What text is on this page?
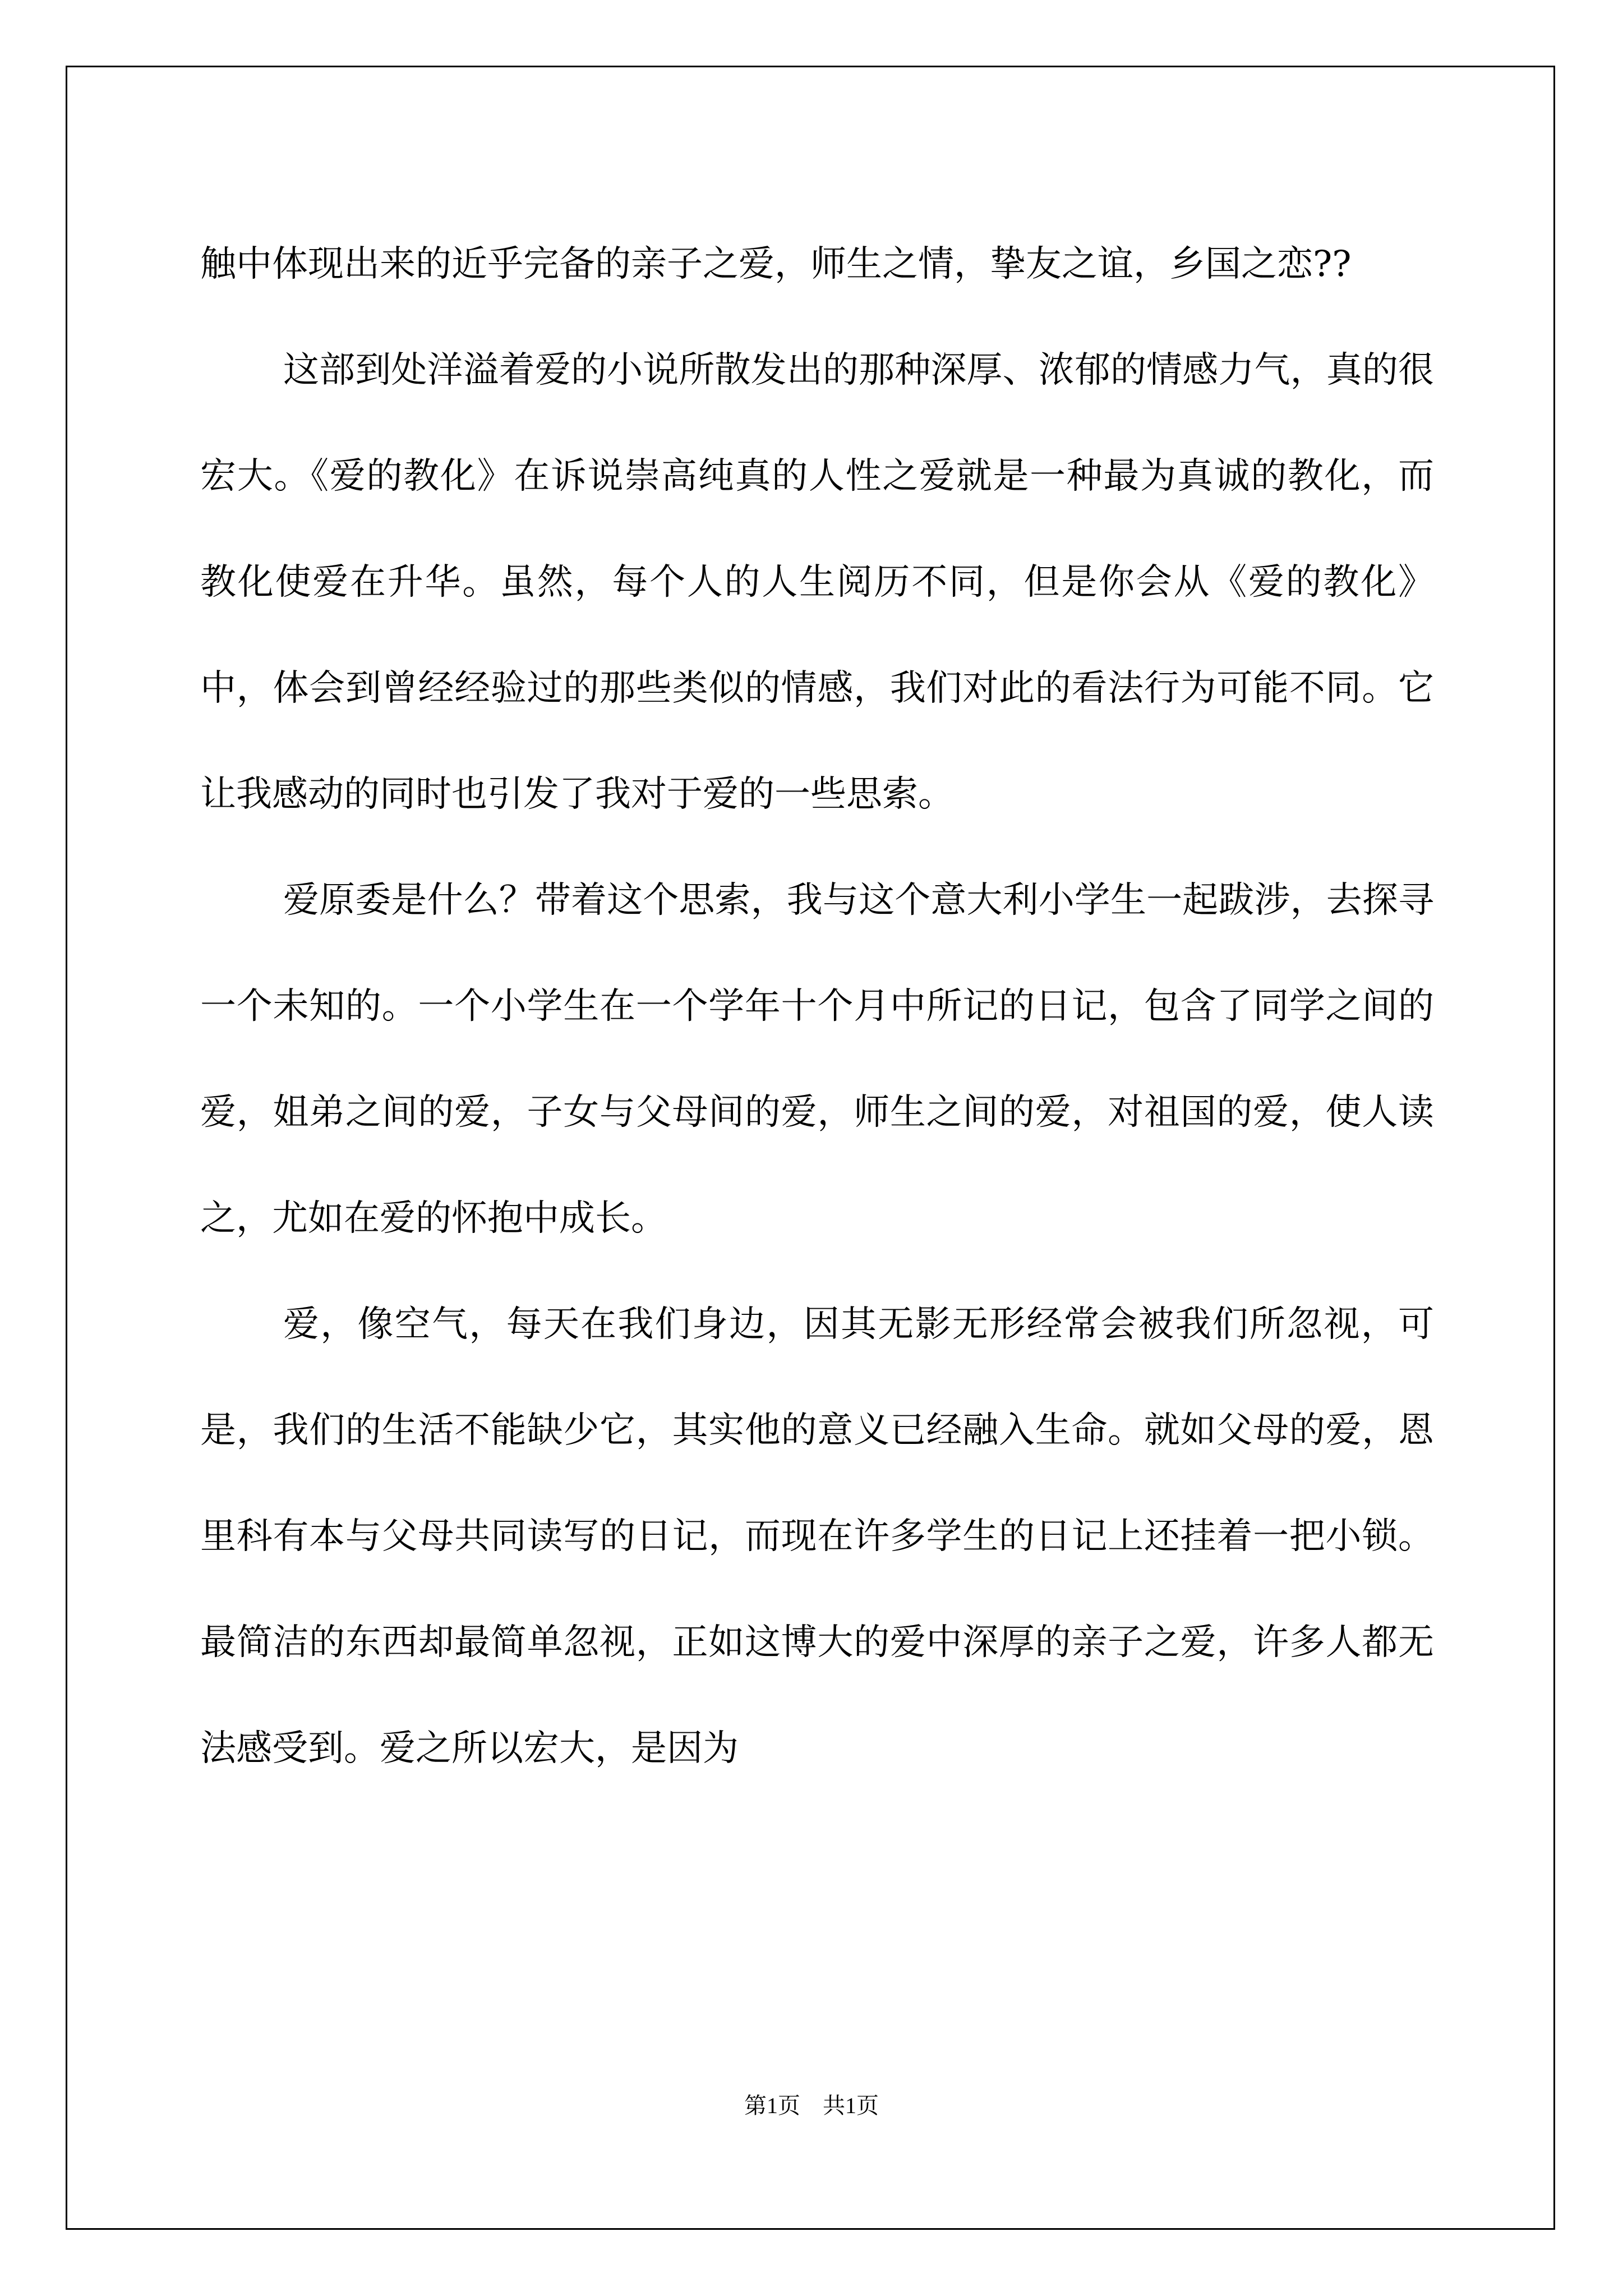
触中体现出来的近乎完备的亲子之爱，师生之情，挚友之谊，乡国之恋??

这部到处洋溢着爱的小说所散发出的那种深厚、浓郁的情感力气，真的很宏大。《爱的教化》在诉说崇高纯真的人性之爱就是一种最为真诚的教化，而教化使爱在升华。虽然，每个人的人生阅历不同，但是你会从《爱的教化》中，体会到曾经经验过的那些类似的情感，我们对此的看法行为可能不同。它让我感动的同时也引发了我对于爱的一些思索。

爱原委是什么？带着这个思索，我与这个意大利小学生一起跋涉，去探寻一个未知的。一个小学生在一个学年十个月中所记的日记，包含了同学之间的爱，姐弟之间的爱，子女与父母间的爱，师生之间的爱，对祖国的爱，使人读之，尤如在爱的怀抱中成长。

爱，像空气，每天在我们身边，因其无影无形经常会被我们所忽视，可是，我们的生活不能缺少它，其实他的意义已经融入生命。就如父母的爱，恩里科有本与父母共同读写的日记，而现在许多学生的日记上还挂着一把小锁。最简洁的东西却最简单忽视，正如这博大的爱中深厚的亲子之爱，许多人都无法感受到。爱之所以宏大，是因为

第1页 共1页
